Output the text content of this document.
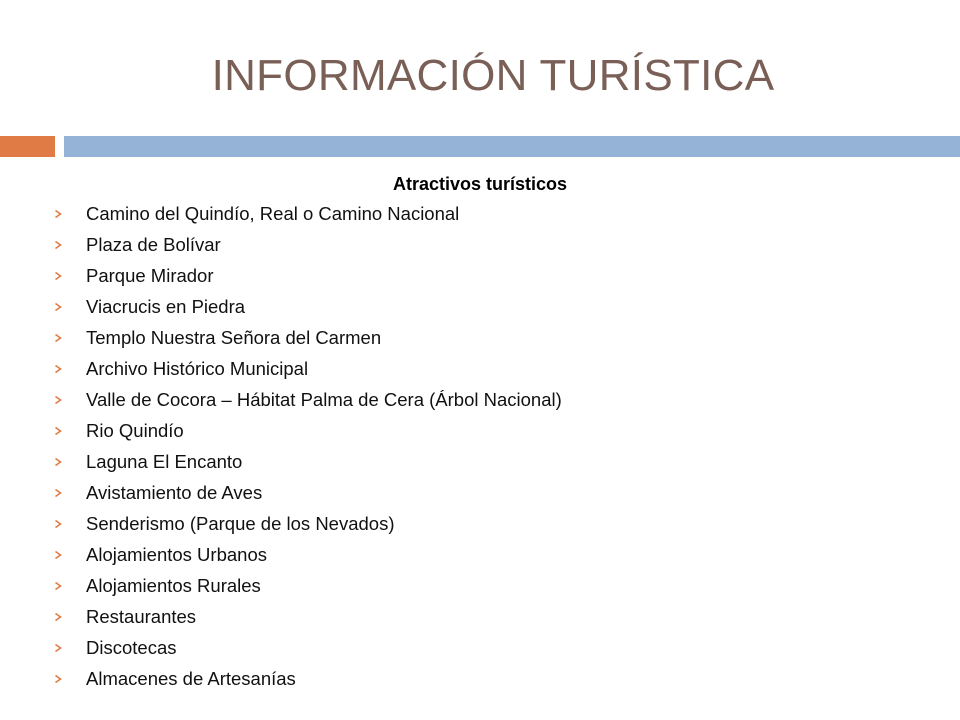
INFORMACIÓN TURÍSTICA
Atractivos turísticos
Camino del Quindío, Real o Camino Nacional
Plaza de Bolívar
Parque Mirador
Viacrucis en Piedra
Templo Nuestra Señora del Carmen
Archivo Histórico Municipal
Valle de Cocora – Hábitat Palma de Cera (Árbol Nacional)
Rio Quindío
Laguna El Encanto
Avistamiento de Aves
Senderismo (Parque de los Nevados)
Alojamientos Urbanos
Alojamientos Rurales
Restaurantes
Discotecas
Almacenes de Artesanías
